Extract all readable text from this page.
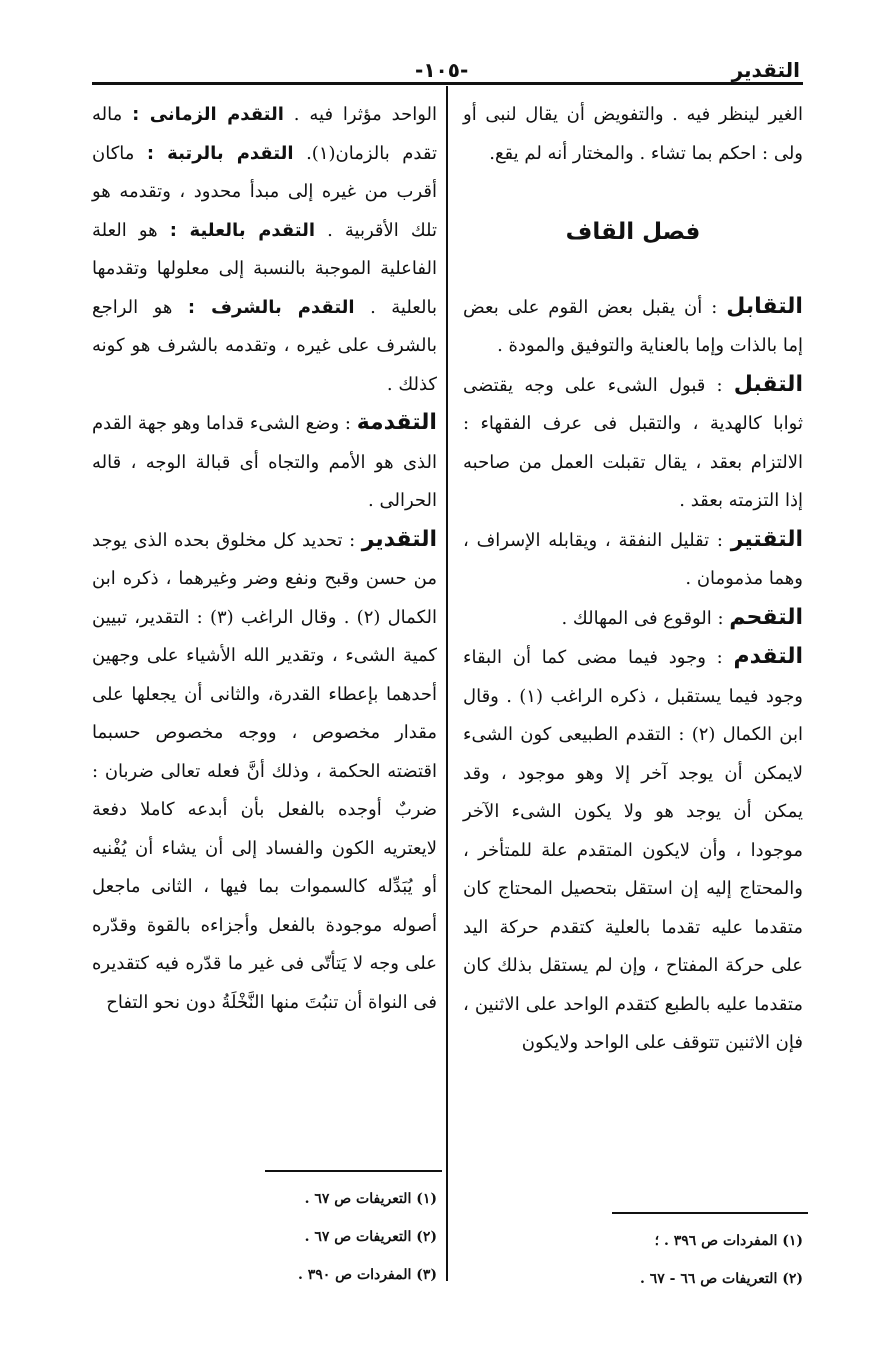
التقدير
-١٠٥-

الغير لينظر فيه . والتفويض أن يقال لنبى أو ولى : احكم بما تشاء . والمختار أنه لم يقع.

فصل القاف

التقابل : أن يقبل بعض القوم على بعض إما بالذات وإما بالعناية والتوفيق والمودة .

التقبل : قبول الشىء على وجه يقتضى ثوابا كالهدية ، والتقبل فى عرف الفقهاء : الالتزام بعقد ، يقال تقبلت العمل من صاحبه إذا التزمته بعقد .

التقتير : تقليل النفقة ، ويقابله الإسراف ، وهما مذمومان .

التقحم : الوقوع فى المهالك .

التقدم : وجود فيما مضى كما أن البقاء وجود فيما يستقبل ، ذكره الراغب (١) . وقال ابن الكمال (٢) : التقدم الطبيعى كون الشىء لايمكن أن يوجد آخر إلا وهو موجود ، وقد يمكن أن يوجد هو ولا يكون الشىء الآخر موجودا ، وأن لايكون المتقدم علة للمتأخر ، والمحتاج إليه إن استقل بتحصيل المحتاج كان متقدما عليه تقدما بالعلية كتقدم حركة اليد على حركة المفتاح ، وإن لم يستقل بذلك كان متقدما عليه بالطبع كتقدم الواحد على الاثنين ، فإن الاثنين تتوقف على الواحد ولايكون

(١) المفردات ص ٣٩٦ . ؛
(٢) التعريفات ص ٦٦ - ٦٧ .

الواحد مؤثرا فيه . التقدم الزمانى : ماله تقدم بالزمان(١). التقدم بالرتبة : ماكان أقرب من غيره إلى مبدأ محدود ، وتقدمه هو تلك الأقربية . التقدم بالعلية : هو العلة الفاعلية الموجبة بالنسبة إلى معلولها وتقدمها بالعلية . التقدم بالشرف : هو الراجع بالشرف على غيره ، وتقدمه بالشرف هو كونه كذلك .

التقدمة : وضع الشىء قداما وهو جهة القدم الذى هو الأمم والتجاه أى قبالة الوجه ، قاله الحرالى .

التقدير : تحديد كل مخلوق بحده الذى يوجد من حسن وقبح ونفع وضر وغيرهما ، ذكره ابن الكمال (٢) . وقال الراغب (٣) : التقدير، تبيين كمية الشىء ، وتقدير الله الأشياء على وجهين أحدهما بإعطاء القدرة، والثانى أن يجعلها على مقدار مخصوص ، ووجه مخصوص حسبما اقتضته الحكمة ، وذلك أنَّ فعله تعالى ضربان : ضربٌ أوجده بالفعل بأن أبدعه كاملا دفعة لايعتريه الكون والفساد إلى أن يشاء أن يُفْنيه أو يُبَدِّله كالسموات بما فيها ، الثانى ماجعل أصوله موجودة بالفعل وأجزاءه بالقوة وقدّره على وجه لا يَتأتّى فى غير ما قدّره فيه كتقديره فى النواة أن تنبُتَ منها النَّخْلَةُ دون نحو التفاح

(١) التعريفات ص ٦٧ .
(٢) التعريفات ص ٦٧ .
(٣) المفردات ص ٣٩٠ .
